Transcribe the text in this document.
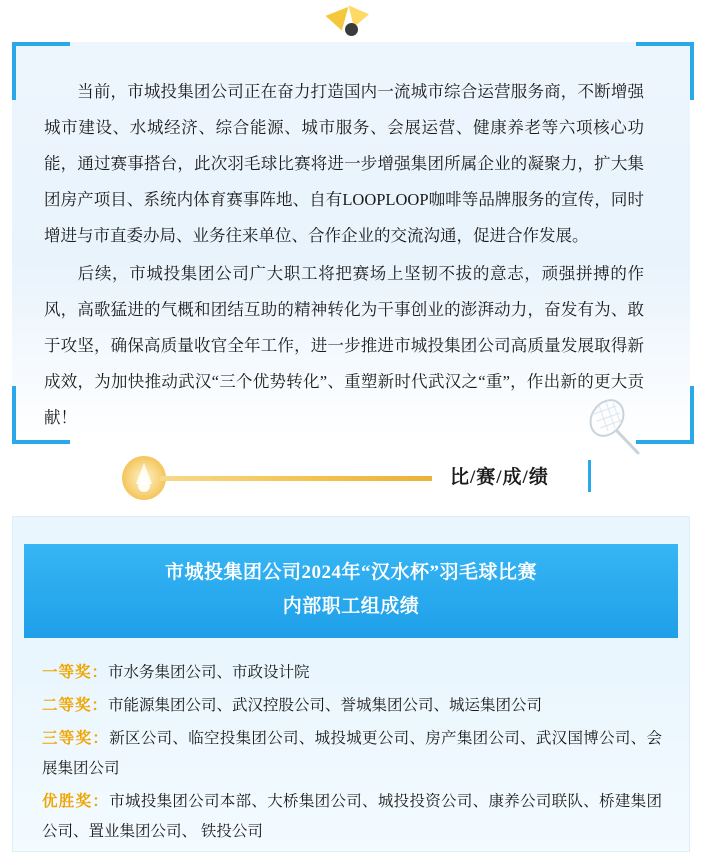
当前，市城投集团公司正在奋力打造国内一流城市综合运营服务商，不断增强城市建设、水城经济、综合能源、城市服务、会展运营、健康养老等六项核心功能，通过赛事搭台，此次羽毛球比赛将进一步增强集团所属企业的凝聚力，扩大集团房产项目、系统内体育赛事阵地、自有LOOPLOOP咖啡等品牌服务的宣传，同时增进与市直委办局、业务往来单位、合作企业的交流沟通，促进合作发展。
后续，市城投集团公司广大职工将把赛场上坚韧不拔的意志，顽强拼搏的作风，高歌猛进的气概和团结互助的精神转化为干事创业的澎湃动力，奋发有为、敢于攻坚，确保高质量收官全年工作，进一步推进市城投集团公司高质量发展取得新成效，为加快推动武汉“三个优势转化”、重塑新时代武汉之“重”，作出新的更大贡献！
比/赛/成/绩
市城投集团公司2024年“汉水杯”羽毛球比赛
内部职工组成绩
一等奖：市水务集团公司、市政设计院
二等奖：市能源集团公司、武汉控股公司、誉城集团公司、城运集团公司
三等奖：新区公司、临空投集团公司、城投城更公司、房产集团公司、武汉国博公司、会展集团公司
优胜奖：市城投集团公司本部、大桥集团公司、城投投资公司、康养公司联队、桥建集团公司、置业集团公司、 铁投公司
